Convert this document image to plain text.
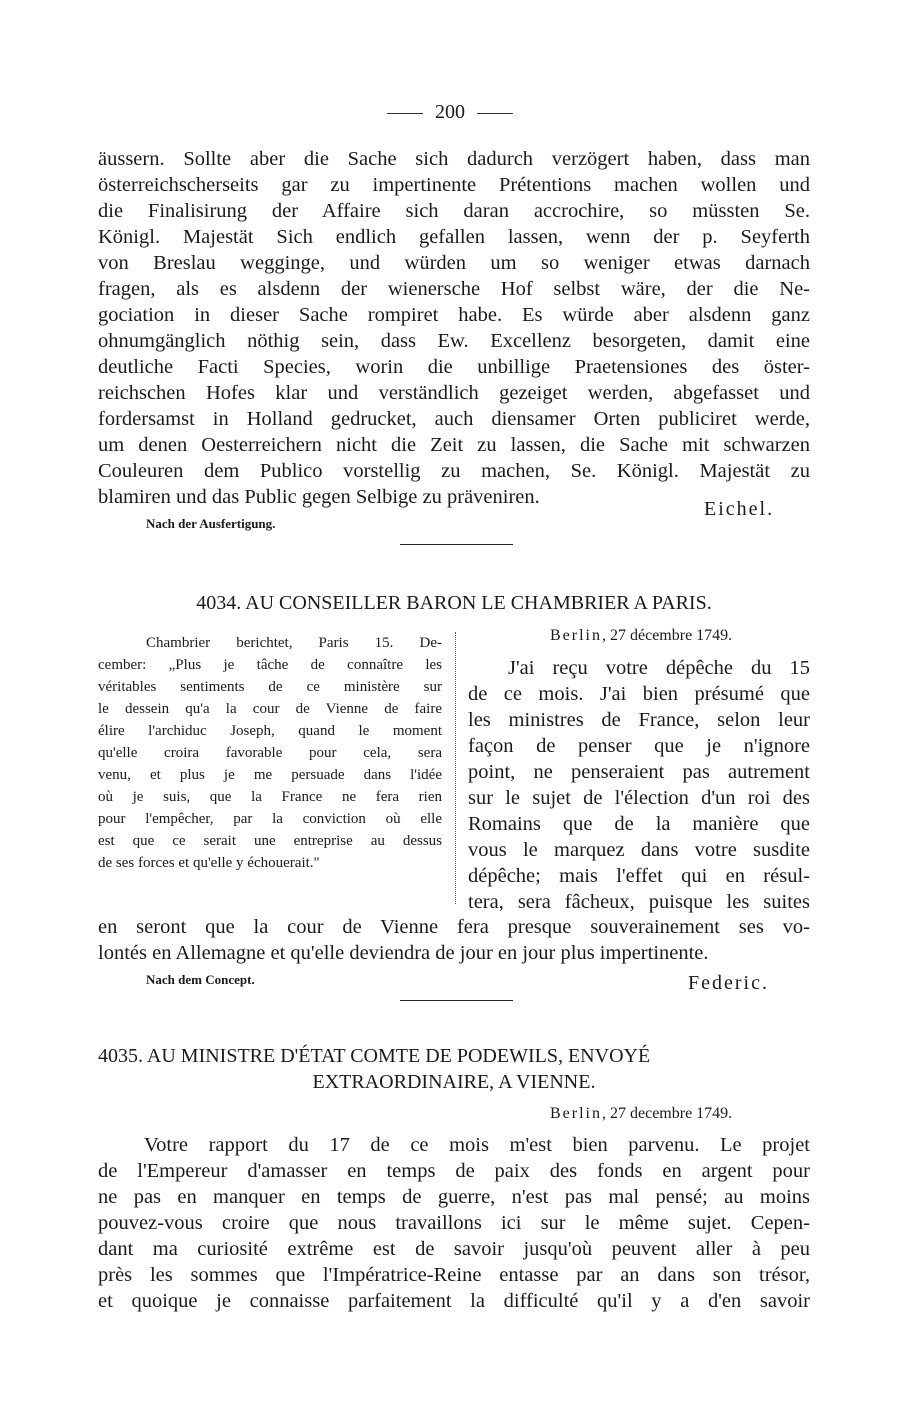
200
äussern. Sollte aber die Sache sich dadurch verzögert haben, dass man
österreichscherseits gar zu impertinente Prétentions machen wollen und
die Finalisirung der Affaire sich daran accrochire, so müssten Se.
Königl. Majestät Sich endlich gefallen lassen, wenn der p. Seyferth
von Breslau wegginge, und würden um so weniger etwas darnach
fragen, als es alsdenn der wienersche Hof selbst wäre, der die Ne-
gociation in dieser Sache rompiret habe. Es würde aber alsdenn ganz
ohnumgänglich nöthig sein, dass Ew. Excellenz besorgeten, damit eine
deutliche Facti Species, worin die unbillige Praetensiones des öster-
reichschen Hofes klar und verständlich gezeiget werden, abgefasset und
fordersamst in Holland gedrucket, auch diensamer Orten publiciret werde,
um denen Oesterreichern nicht die Zeit zu lassen, die Sache mit schwarzen
Couleuren dem Publico vorstellig zu machen, Se. Königl. Majestät zu
blamiren und das Public gegen Selbige zu präveniren.
Eichel.
Nach der Ausfertigung.
4034. AU CONSEILLER BARON LE CHAMBRIER A PARIS.
Chambrier berichtet, Paris 15. De-
cember: „Plus je tâche de connaître les
véritables sentiments de ce ministère sur
le dessein qu'a la cour de Vienne de faire
élire l'archiduc Joseph, quand le moment
qu'elle croira favorable pour cela, sera
venu, et plus je me persuade dans l'idée
où je suis, que la France ne fera rien
pour l'empêcher, par la conviction où elle
est que ce serait une entreprise au dessus
de ses forces et qu'elle y échouerait."
Berlin, 27 décembre 1749.
J'ai reçu votre dépêche du 15
de ce mois. J'ai bien présumé que
les ministres de France, selon leur
façon de penser que je n'ignore
point, ne penseraient pas autrement
sur le sujet de l'élection d'un roi des
Romains que de la manière que
vous le marquez dans votre susdite
dépêche; mais l'effet qui en résul-
tera, sera fâcheux, puisque les suites
en seront que la cour de Vienne fera presque souverainement ses vo-
lontés en Allemagne et qu'elle deviendra de jour en jour plus impertinente.
Nach dem Concept.	Federic.
4035. AU MINISTRE D'ÉTAT COMTE DE PODEWILS, ENVOYÉ
EXTRAORDINAIRE, A VIENNE.
Berlin, 27 decembre 1749.
Votre rapport du 17 de ce mois m'est bien parvenu. Le projet
de l'Empereur d'amasser en temps de paix des fonds en argent pour
ne pas en manquer en temps de guerre, n'est pas mal pensé; au moins
pouvez-vous croire que nous travaillons ici sur le même sujet. Cepen-
dant ma curiosité extrême est de savoir jusqu'où peuvent aller à peu
près les sommes que l'Impératrice-Reine entasse par an dans son trésor,
et quoique je connaisse parfaitement la difficulté qu'il y a d'en savoir
